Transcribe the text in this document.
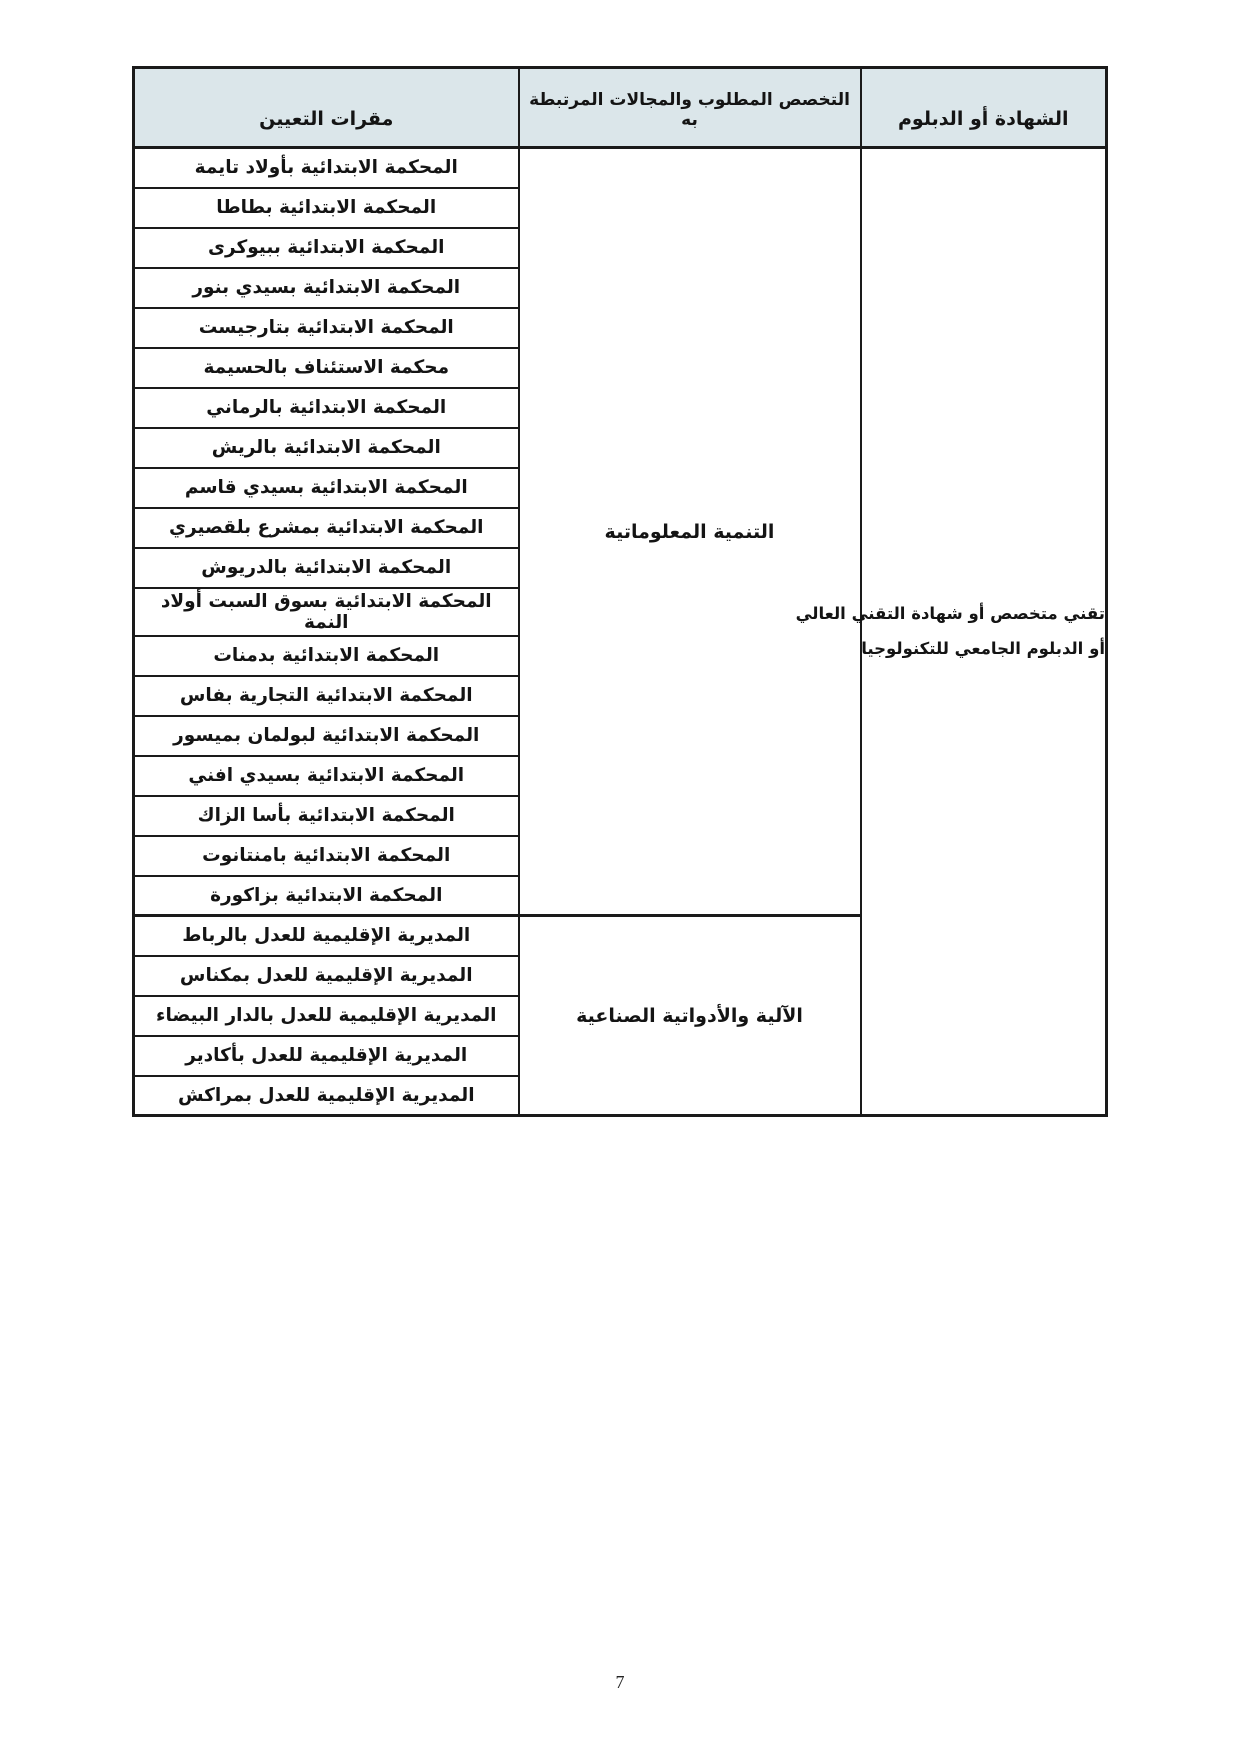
الشهادة أو الدبلوم	التخصص المطلوب والمجالات المرتبطة به	مقرات التعيين

تقني متخصص أو شهادة التقني العالي
أو الدبلوم الجامعي للتكنولوجيا	التنمية المعلوماتية	المحكمة الابتدائية بأولاد تايمة
		المحكمة الابتدائية بطاطا
		المحكمة الابتدائية ببيوكرى
		المحكمة الابتدائية بسيدي بنور
		المحكمة الابتدائية بتارجيست
		محكمة الاستئناف بالحسيمة
		المحكمة الابتدائية بالرماني
		المحكمة الابتدائية بالريش
		المحكمة الابتدائية بسيدي قاسم
		المحكمة الابتدائية بمشرع بلقصيري
		المحكمة الابتدائية بالدريوش
		المحكمة الابتدائية بسوق السبت أولاد النمة
		المحكمة الابتدائية بدمنات
		المحكمة الابتدائية التجارية بفاس
		المحكمة الابتدائية لبولمان بميسور
		المحكمة الابتدائية بسيدي افني
		المحكمة الابتدائية بأسا الزاك
		المحكمة الابتدائية بامنتانوت
		المحكمة الابتدائية بزاكورة
	الآلية والأدواتية الصناعية	المديرية الإقليمية للعدل بالرباط
		المديرية الإقليمية للعدل بمكناس
		المديرية الإقليمية للعدل بالدار البيضاء
		المديرية الإقليمية للعدل بأكادير
		المديرية الإقليمية للعدل بمراكش
7
